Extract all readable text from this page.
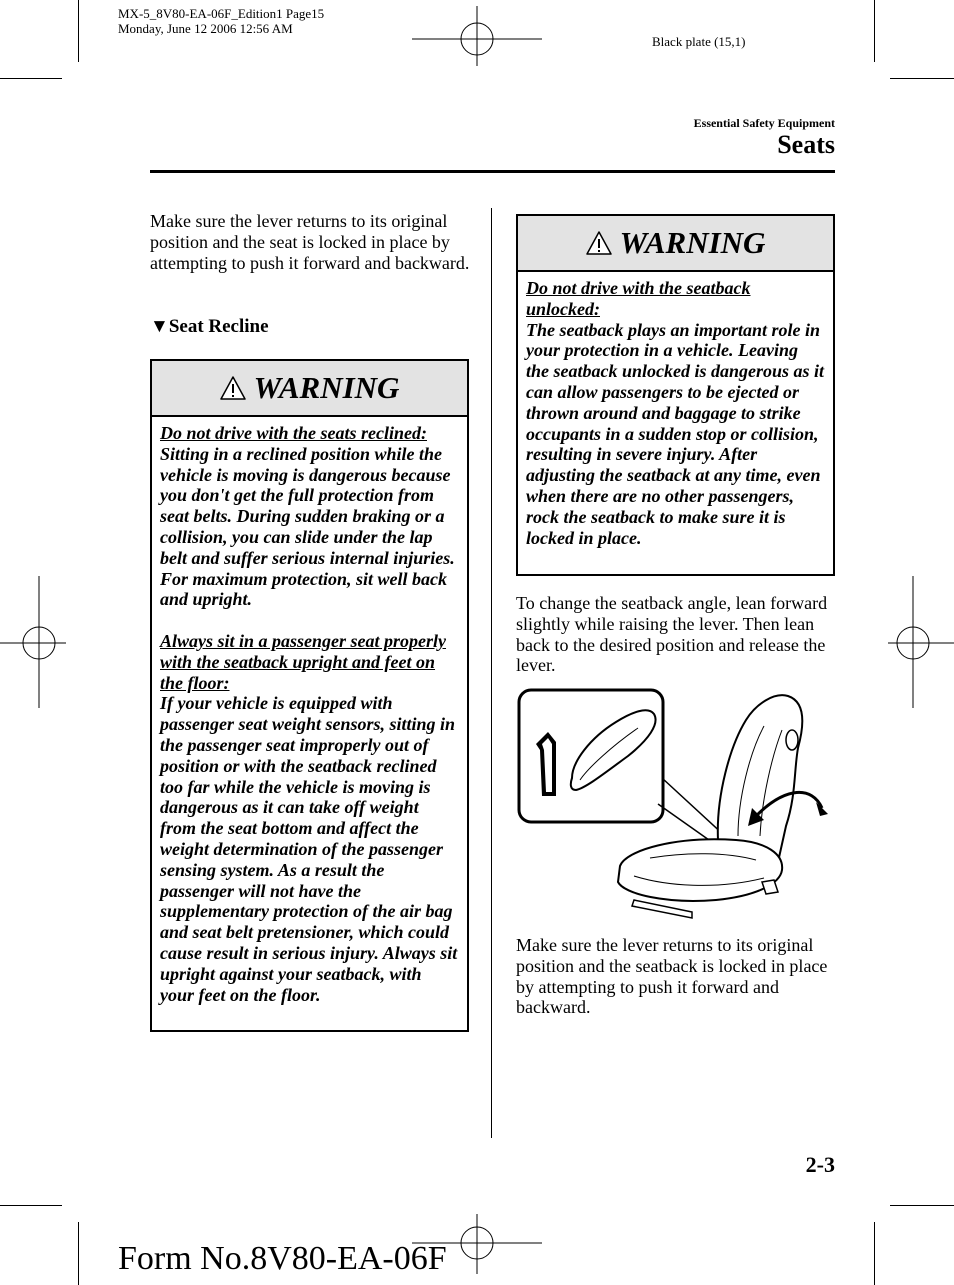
MX-5_8V80-EA-06F_Edition1 Page15
Monday, June 12 2006 12:56 AM
Black plate (15,1)
Essential Safety Equipment
Seats
Make sure the lever returns to its original position and the seat is locked in place by attempting to push it forward and backward.
▼Seat Recline
WARNING
Do not drive with the seats reclined:
Sitting in a reclined position while the vehicle is moving is dangerous because you don't get the full protection from seat belts. During sudden braking or a collision, you can slide under the lap belt and suffer serious internal injuries. For maximum protection, sit well back and upright.
Always sit in a passenger seat properly with the seatback upright and feet on the floor:
If your vehicle is equipped with passenger seat weight sensors, sitting in the passenger seat improperly out of position or with the seatback reclined too far while the vehicle is moving is dangerous as it can take off weight from the seat bottom and affect the weight determination of the passenger sensing system. As a result the passenger will not have the supplementary protection of the air bag and seat belt pretensioner, which could cause result in serious injury. Always sit upright against your seatback, with your feet on the floor.
WARNING
Do not drive with the seatback unlocked:
The seatback plays an important role in your protection in a vehicle. Leaving the seatback unlocked is dangerous as it can allow passengers to be ejected or thrown around and baggage to strike occupants in a sudden stop or collision, resulting in severe injury. After adjusting the seatback at any time, even when there are no other passengers, rock the seatback to make sure it is locked in place.
To change the seatback angle, lean forward slightly while raising the lever. Then lean back to the desired position and release the lever.
Make sure the lever returns to its original position and the seatback is locked in place by attempting to push it forward and backward.
2-3
Form No.8V80-EA-06F
